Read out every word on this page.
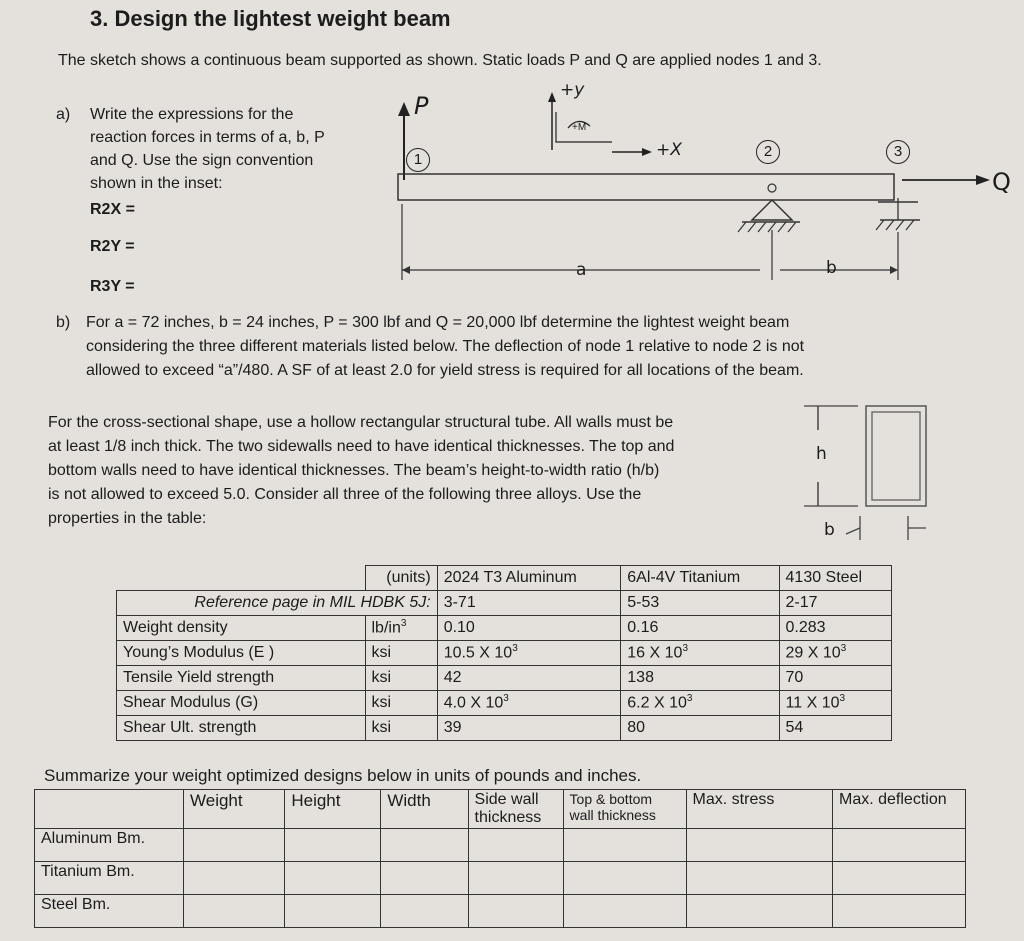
3. Design the lightest weight beam
The sketch shows a continuous beam supported as shown. Static loads P and Q are applied nodes 1 and 3.
a) Write the expressions for the
reaction forces in terms of a, b, P
and Q. Use the sign convention
shown in the inset:
R2X =
R2Y =
R3Y =
P
+y
+M
+X
1	2	3
Q
a	b
b) For a = 72 inches, b = 24 inches, P = 300 lbf and Q = 20,000 lbf determine the lightest weight beam
considering the three different materials listed below. The deflection of node 1 relative to node 2 is not
allowed to exceed “a”/480. A SF of at least 2.0 for yield stress is required for all locations of the beam.
For the cross-sectional shape, use a hollow rectangular structural tube. All walls must be
at least 1/8 inch thick. The two sidewalls need to have identical thicknesses. The top and
bottom walls need to have identical thicknesses. The beam’s height-to-width ratio (h/b)
is not allowed to exceed 5.0. Consider all three of the following three alloys. Use the
properties in the table:
h
b
	(units)	2024 T3 Aluminum	6Al-4V Titanium	4130 Steel
Reference page in MIL HDBK 5J:		3-71	5-53	2-17
Weight density	$lb/in^3$	0.10	0.16	0.283
Young’s Modulus (E )	ksi	10.5 X $10^3$	16 X $10^3$	29 X $10^3$
Tensile Yield strength	ksi	42	138	70
Shear Modulus (G)	ksi	4.0 X $10^3$	6.2 X $10^3$	11 X $10^3$
Shear Ult. strength	ksi	39	80	54
Summarize your weight optimized designs below in units of pounds and inches.
	Weight	Height	Width	Side wall thickness	Top & bottom wall thickness	Max. stress	Max. deflection
Aluminum Bm.							
Titanium Bm.							
Steel Bm.							
